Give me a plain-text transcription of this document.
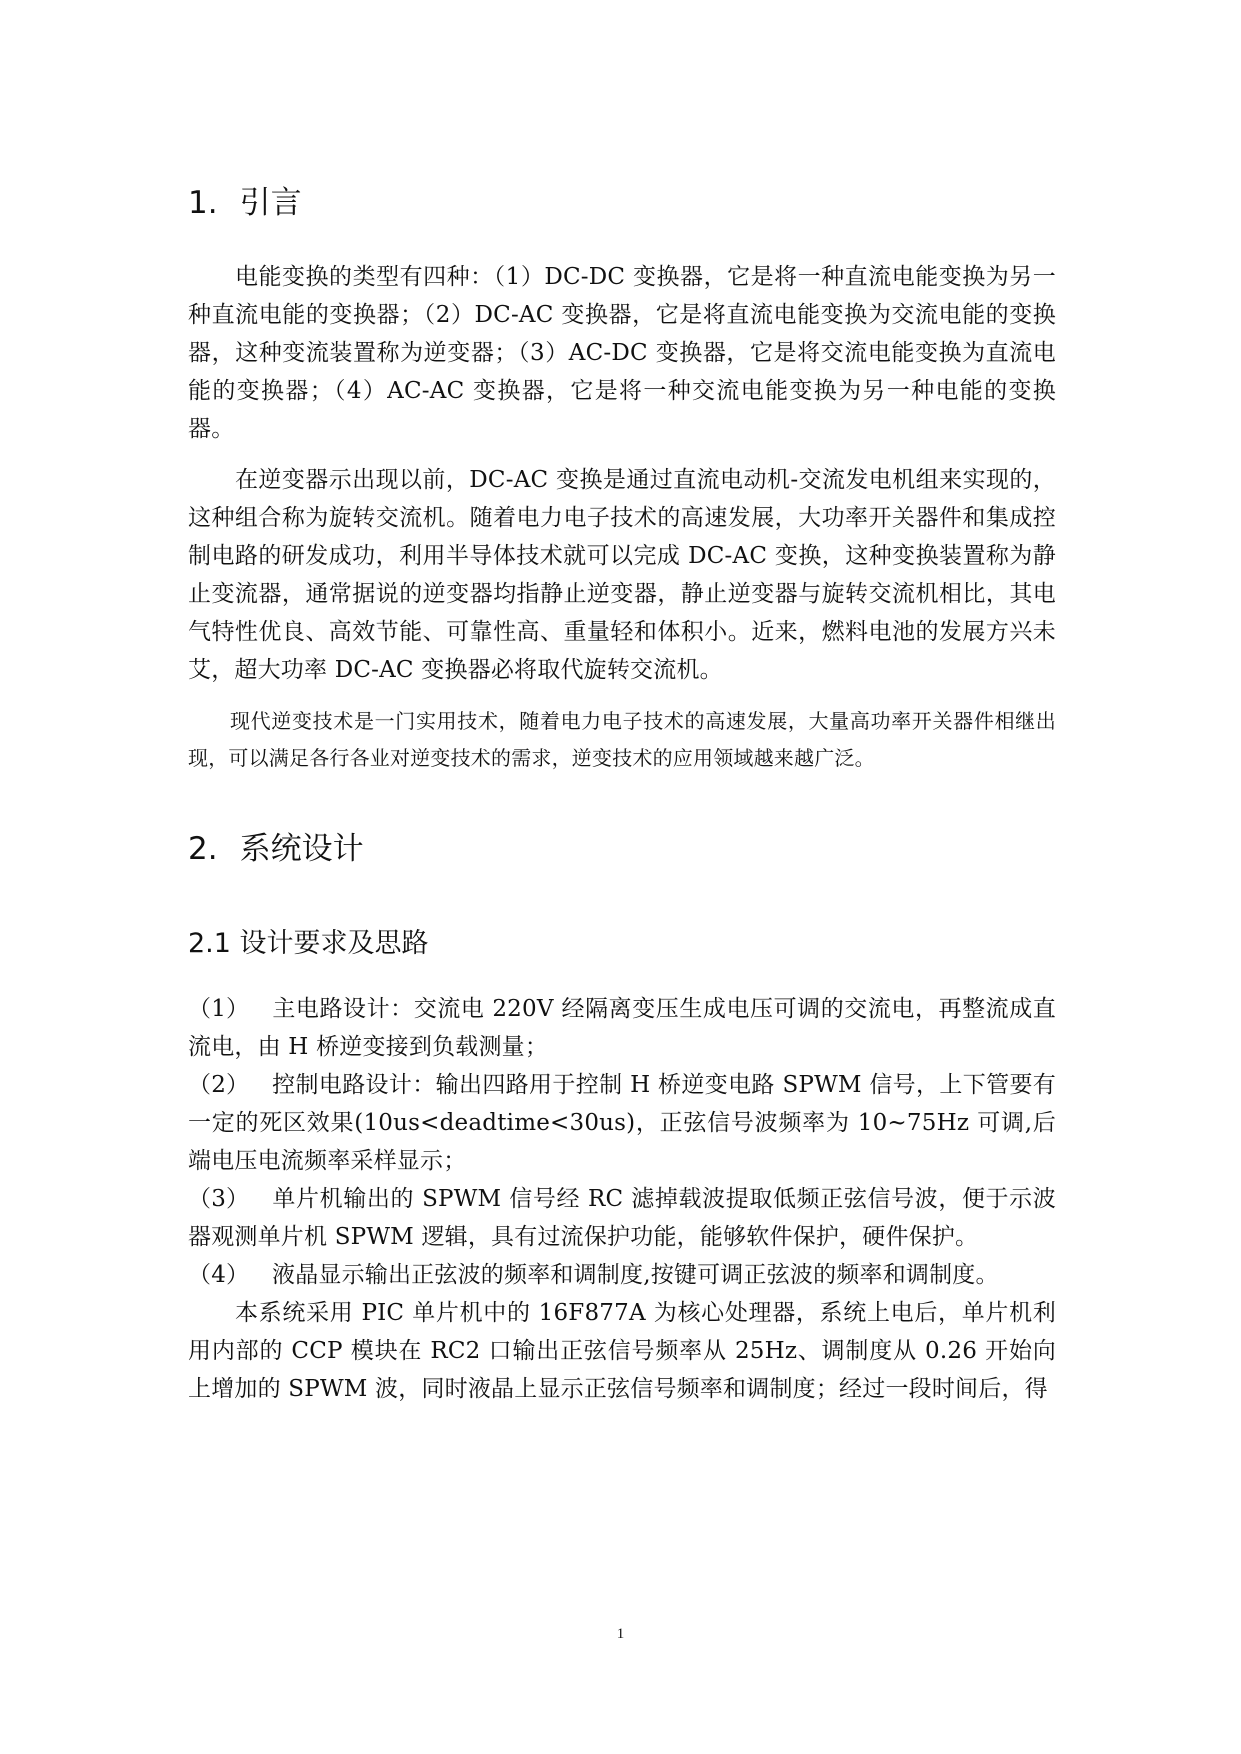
1. 引言

电能变换的类型有四种：（1）DC-DC 变换器，它是将一种直流电能变换为另一种直流电能的变换器；（2）DC-AC 变换器，它是将直流电能变换为交流电能的变换器，这种变流装置称为逆变器；（3）AC-DC 变换器，它是将交流电能变换为直流电能的变换器；（4）AC-AC 变换器，它是将一种交流电能变换为另一种电能的变换器。

在逆变器示出现以前，DC-AC 变换是通过直流电动机-交流发电机组来实现的，这种组合称为旋转交流机。随着电力电子技术的高速发展，大功率开关器件和集成控制电路的研发成功，利用半导体技术就可以完成 DC-AC 变换，这种变换装置称为静止变流器，通常据说的逆变器均指静止逆变器，静止逆变器与旋转交流机相比，其电气特性优良、高效节能、可靠性高、重量轻和体积小。近来，燃料电池的发展方兴未艾，超大功率 DC-AC 变换器必将取代旋转交流机。

现代逆变技术是一门实用技术，随着电力电子技术的高速发展，大量高功率开关器件相继出现，可以满足各行各业对逆变技术的需求，逆变技术的应用领域越来越广泛。

2. 系统设计
2.1 设计要求及思路

（1） 主电路设计：交流电 220V 经隔离变压生成电压可调的交流电，再整流成直流电，由 H 桥逆变接到负载测量；

（2） 控制电路设计：输出四路用于控制 H 桥逆变电路 SPWM 信号，上下管要有一定的死区效果(10us<deadtime<30us)，正弦信号波频率为 10~75Hz 可调,后端电压电流频率采样显示；

（3） 单片机输出的 SPWM 信号经 RC 滤掉载波提取低频正弦信号波，便于示波器观测单片机 SPWM 逻辑，具有过流保护功能，能够软件保护，硬件保护。

（4） 液晶显示输出正弦波的频率和调制度,按键可调正弦波的频率和调制度。

本系统采用 PIC 单片机中的 16F877A 为核心处理器，系统上电后，单片机利用内部的 CCP 模块在 RC2 口输出正弦信号频率从 25Hz、调制度从 0.26 开始向上增加的 SPWM 波，同时液晶上显示正弦信号频率和调制度；经过一段时间后，得

1
